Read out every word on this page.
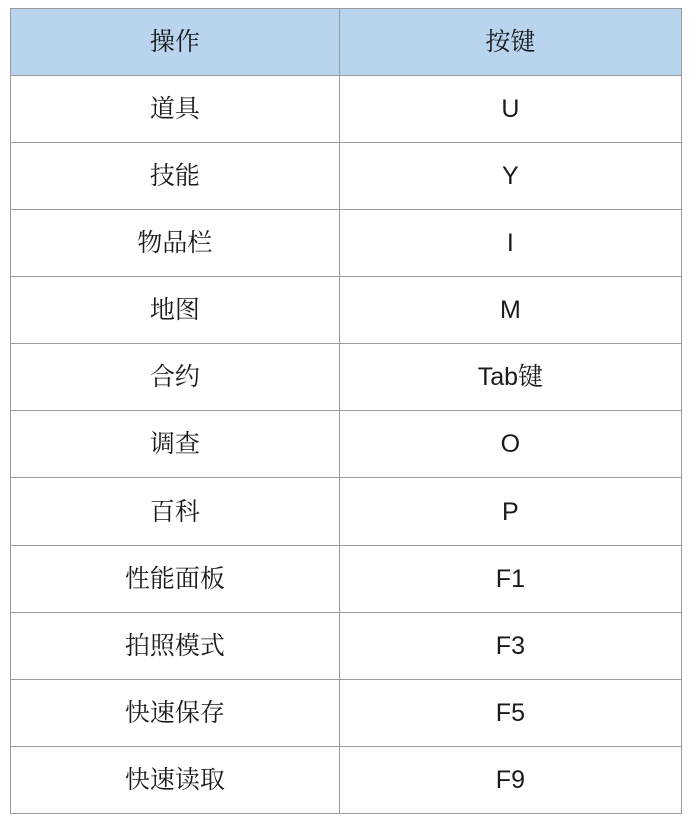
操作	按键
道具	U
技能	Y
物品栏	I
地图	M
合约	Tab键
调查	O
百科	P
性能面板	F1
拍照模式	F3
快速保存	F5
快速读取	F9
